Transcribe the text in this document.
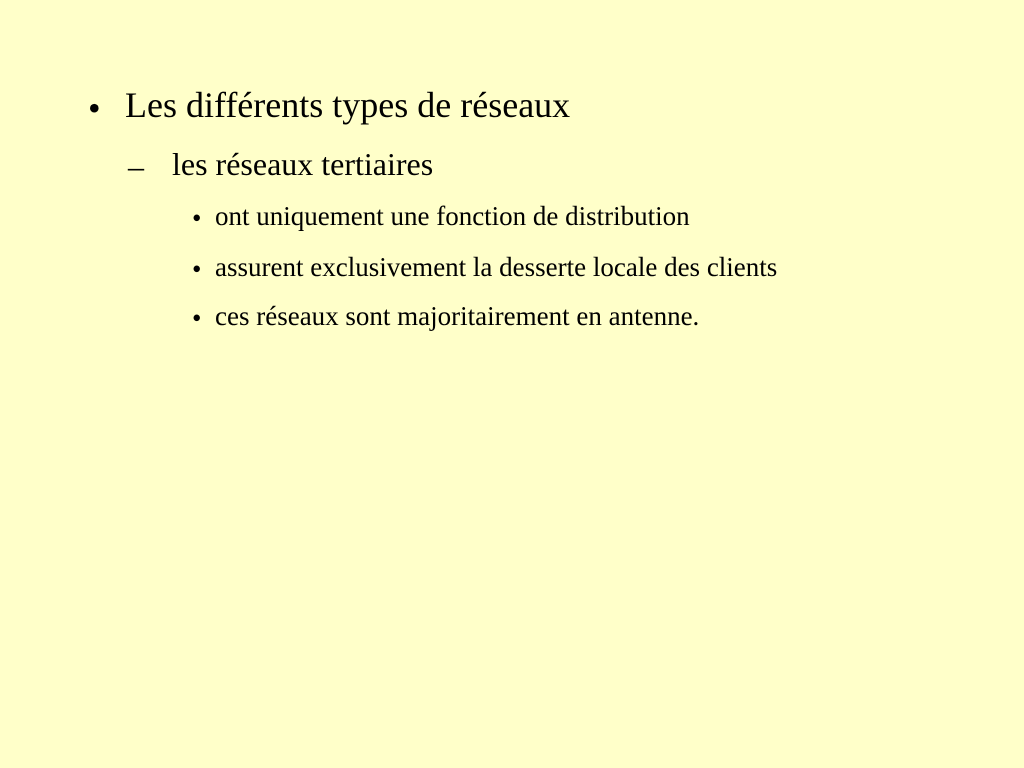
• Les différents types de réseaux
– les réseaux tertiaires
• ont uniquement une fonction de distribution
• assurent exclusivement la desserte locale des clients
• ces réseaux sont majoritairement en antenne.
